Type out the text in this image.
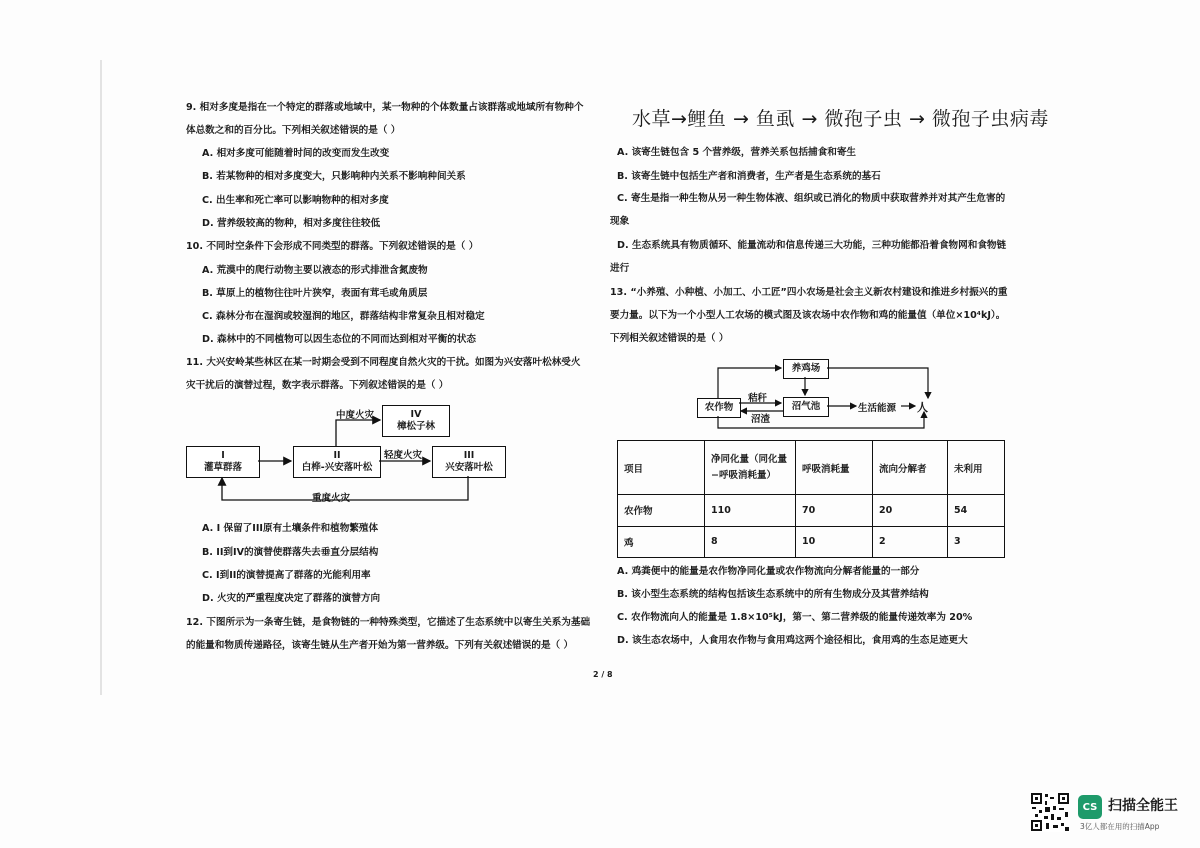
9. 相对多度是指在一个特定的群落或地域中，某一物种的个体数量占该群落或地域所有物种个
体总数之和的百分比。下列相关叙述错误的是（ ）
A. 相对多度可能随着时间的改变而发生改变
B. 若某物种的相对多度变大，只影响种内关系不影响种间关系
C. 出生率和死亡率可以影响物种的相对多度
D. 营养级较高的物种，相对多度往往较低
10. 不同时空条件下会形成不同类型的群落。下列叙述错误的是（ ）
A. 荒漠中的爬行动物主要以液态的形式排泄含氮废物
B. 草原上的植物往往叶片狭窄，表面有茸毛或角质层
C. 森林分布在湿润或较湿润的地区，群落结构非常复杂且相对稳定
D. 森林中的不同植物可以因生态位的不同而达到相对平衡的状态
11. 大兴安岭某些林区在某一时期会受到不同程度自然火灾的干扰。如图为兴安落叶松林受火
灾干扰后的演替过程，数字表示群落。下列叙述错误的是（ ）
I
灌草群落
II
白桦-兴安落叶松
III
兴安落叶松
IV
樟松子林
中度火灾
轻度火灾
重度火灾
A. I 保留了III原有土壤条件和植物繁殖体
B. II到IV的演替使群落失去垂直分层结构
C. I到II的演替提高了群落的光能利用率
D. 火灾的严重程度决定了群落的演替方向
12. 下图所示为一条寄生链，是食物链的一种特殊类型，它描述了生态系统中以寄生关系为基础
的能量和物质传递路径，该寄生链从生产者开始为第一营养级。下列有关叙述错误的是（ ）
水草→鲤鱼 → 鱼虱 → 微孢子虫 → 微孢子虫病毒
A. 该寄生链包含 5 个营养级，营养关系包括捕食和寄生
B. 该寄生链中包括生产者和消费者，生产者是生态系统的基石
C. 寄生是指一种生物从另一种生物体液、组织或已消化的物质中获取营养并对其产生危害的
现象
D. 生态系统具有物质循环、能量流动和信息传递三大功能，三种功能都沿着食物网和食物链
进行
13. “小养殖、小种植、小加工、小工匠”四小农场是社会主义新农村建设和推进乡村振兴的重
要力量。以下为一个小型人工农场的模式图及该农场中农作物和鸡的能量值（单位×10⁴kJ）。
下列相关叙述错误的是（ ）
养鸡场
农作物	沼气池
秸秆
沼渣
生活能源 人
项目	净同化量（同化量−呼吸消耗量）	呼吸消耗量	流向分解者	未利用
农作物	110	70	20	54
鸡	8	10	2	3
A. 鸡粪便中的能量是农作物净同化量或农作物流向分解者能量的一部分
B. 该小型生态系统的结构包括该生态系统中的所有生物成分及其营养结构
C. 农作物流向人的能量是 1.8×10⁵kJ，第一、第二营养级的能量传递效率为 20%
D. 该生态农场中，人食用农作物与食用鸡这两个途径相比，食用鸡的生态足迹更大
2 / 8
CS 扫描全能王
3亿人都在用的扫描App
